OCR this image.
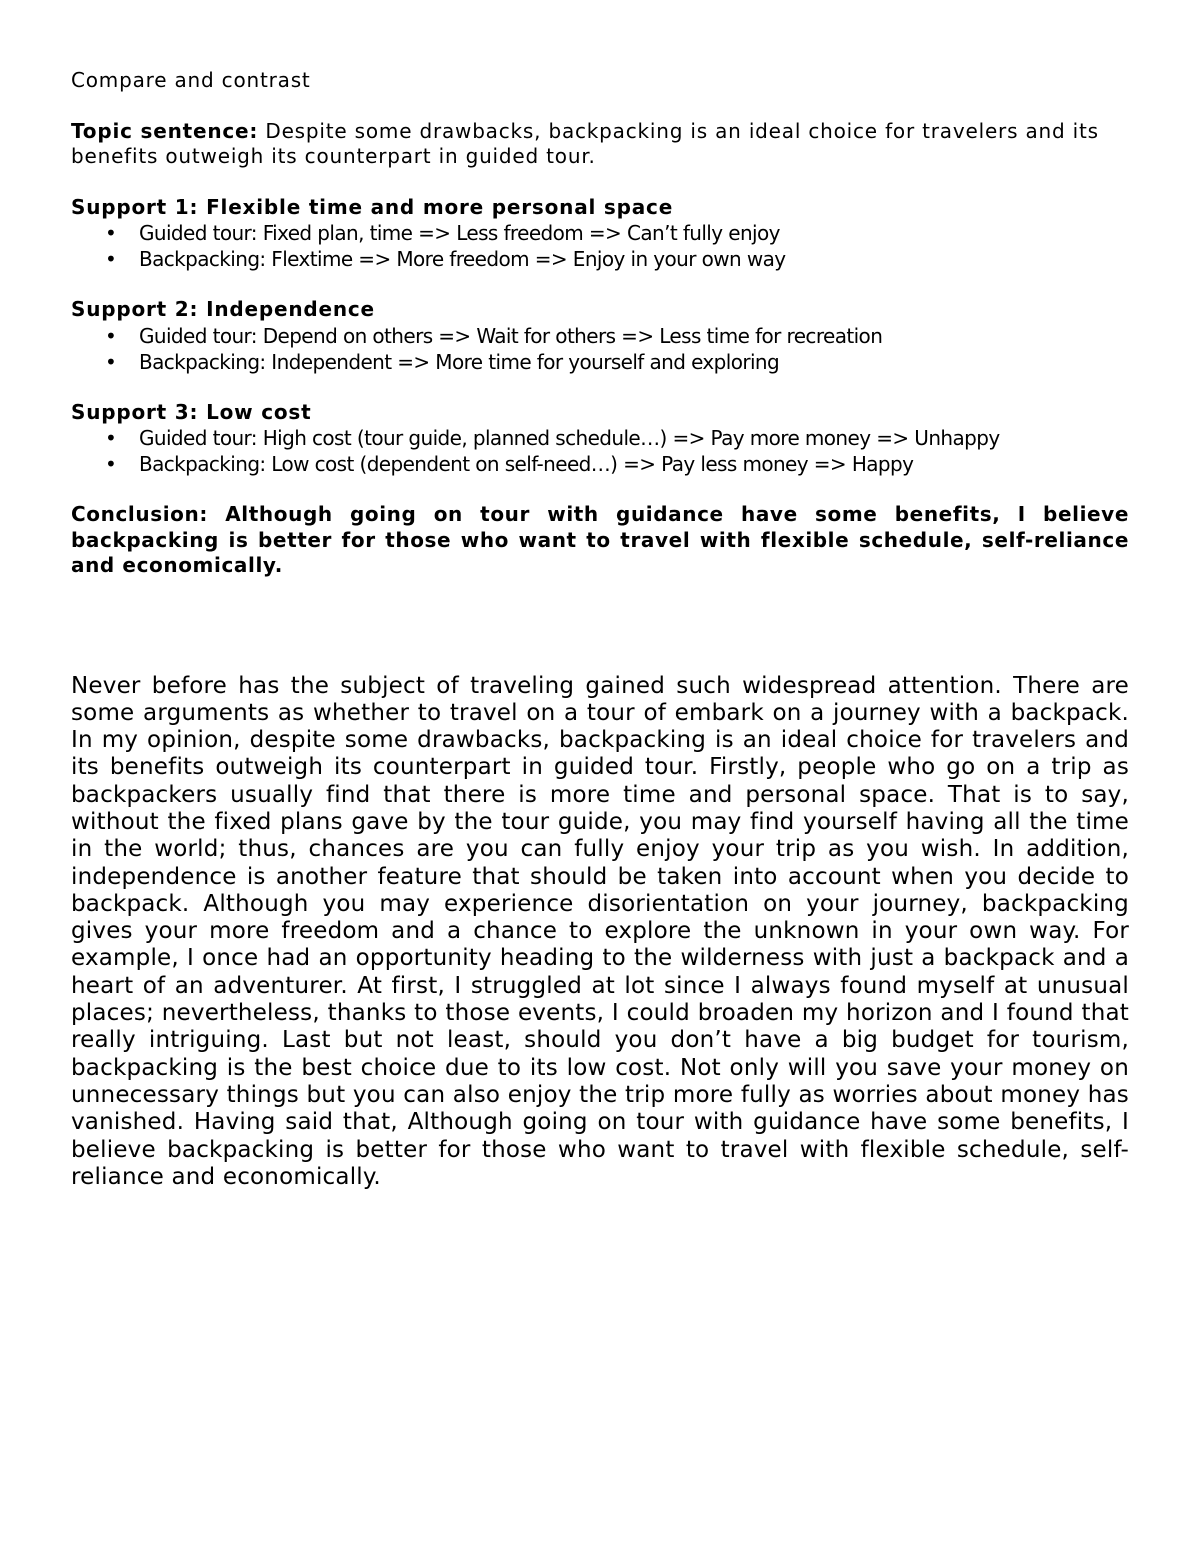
Compare and contrast

Topic sentence: Despite some drawbacks, backpacking is an ideal choice for travelers and its benefits outweigh its counterpart in guided tour.

Support 1: Flexible time and more personal space

• Guided tour: Fixed plan, time => Less freedom => Can’t fully enjoy
• Backpacking: Flextime => More freedom => Enjoy in your own way

Support 2: Independence

• Guided tour: Depend on others => Wait for others => Less time for recreation
• Backpacking: Independent => More time for yourself and exploring

Support 3: Low cost

• Guided tour: High cost (tour guide, planned schedule…) => Pay more money => Unhappy
• Backpacking: Low cost (dependent on self-need…) => Pay less money => Happy

Conclusion: Although going on tour with guidance have some benefits, I believe backpacking is better for those who want to travel with flexible schedule, self-reliance and economically.

Never before has the subject of traveling gained such widespread attention. There are some arguments as whether to travel on a tour of embark on a journey with a backpack. In my opinion, despite some drawbacks, backpacking is an ideal choice for travelers and its benefits outweigh its counterpart in guided tour. Firstly, people who go on a trip as backpackers usually find that there is more time and personal space. That is to say, without the fixed plans gave by the tour guide, you may find yourself having all the time in the world; thus, chances are you can fully enjoy your trip as you wish. In addition, independence is another feature that should be taken into account when you decide to backpack. Although you may experience disorientation on your journey, backpacking gives your more freedom and a chance to explore the unknown in your own way. For example, I once had an opportunity heading to the wilderness with just a backpack and a heart of an adventurer. At first, I struggled at lot since I always found myself at unusual places; nevertheless, thanks to those events, I could broaden my horizon and I found that really intriguing. Last but not least, should you don’t have a big budget for tourism, backpacking is the best choice due to its low cost. Not only will you save your money on unnecessary things but you can also enjoy the trip more fully as worries about money has vanished. Having said that, Although going on tour with guidance have some benefits, I believe backpacking is better for those who want to travel with flexible schedule, self-reliance and economically.
